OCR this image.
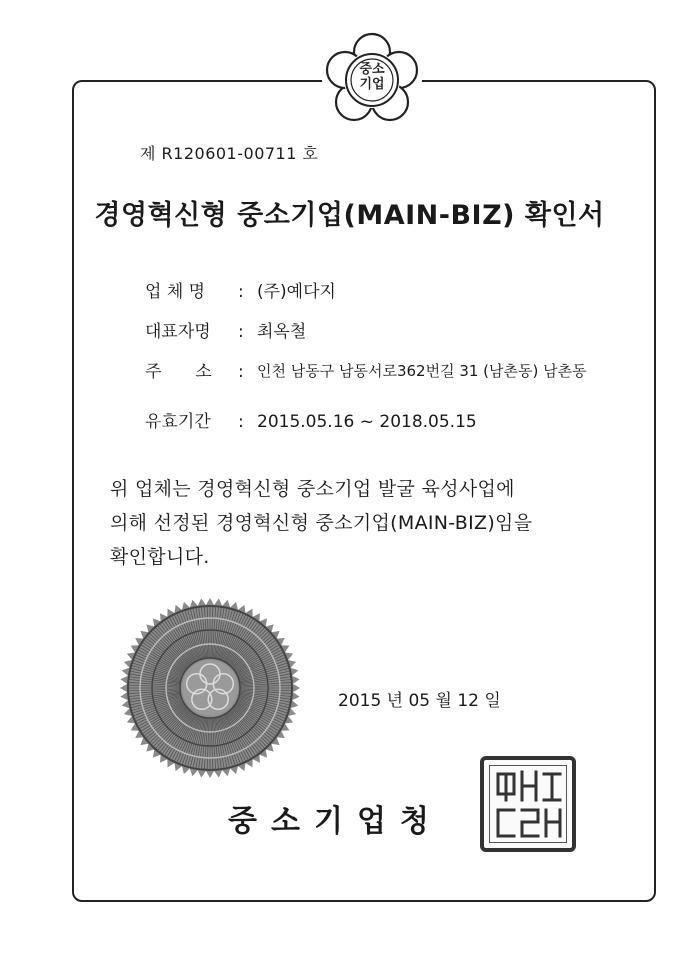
중소
기업
제 R120601-00711 호
경영혁신형 중소기업(MAIN-BIZ) 확인서
업 체 명	: (주)예다지
대표자명	: 최옥철
주　　소	: 인천 남동구 남동서로362번길 31 (남촌동) 남촌동
유효기간	: 2015.05.16 ~ 2018.05.15
위 업체는 경영혁신형 중소기업 발굴 육성사업에
의해 선정된 경영혁신형 중소기업(MAIN-BIZ)임을
확인합니다.
2015 년 05 월 12 일
중소기업청
